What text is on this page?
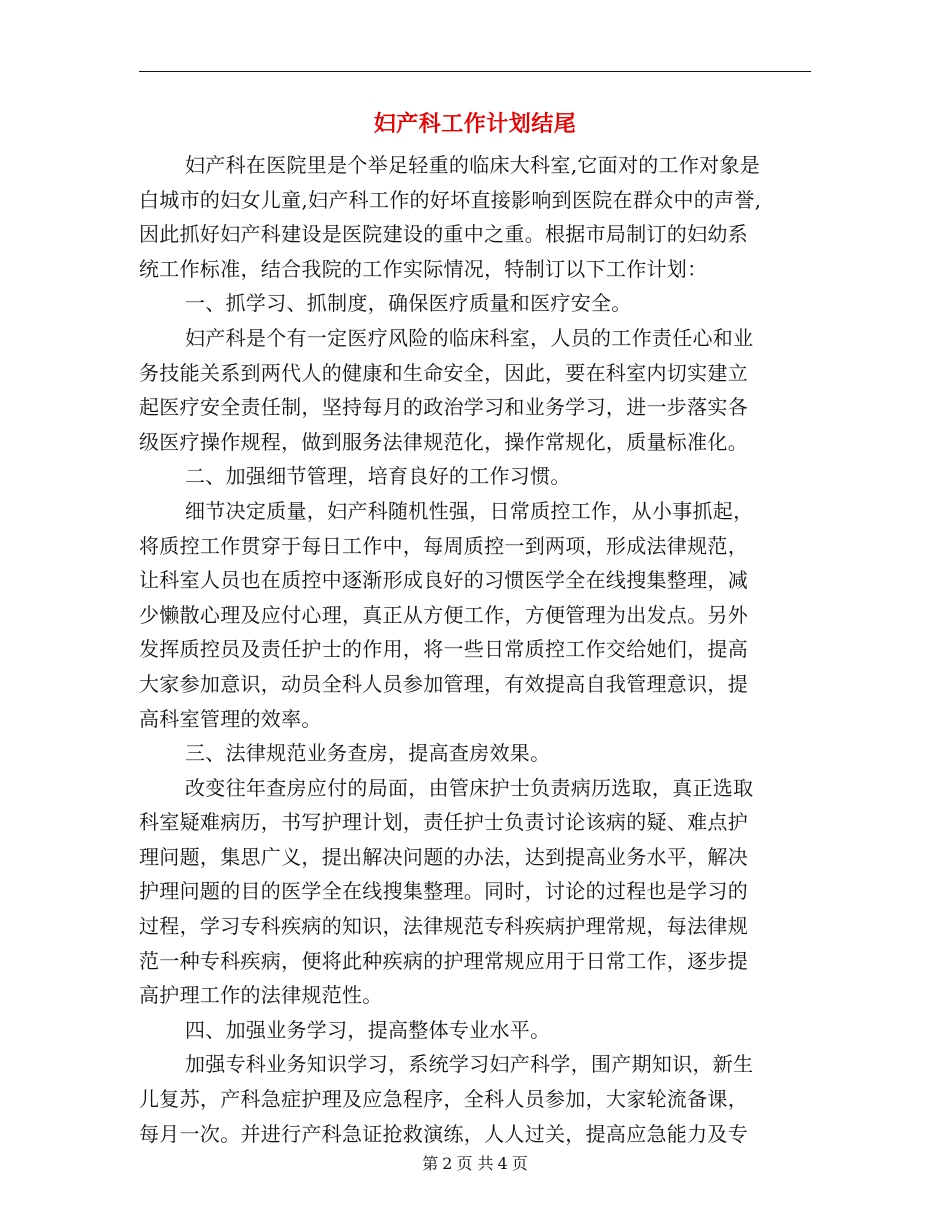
妇产科工作计划结尾
妇产科在医院里是个举足轻重的临床大科室,它面对的工作对象是
白城市的妇女儿童,妇产科工作的好坏直接影响到医院在群众中的声誉,
因此抓好妇产科建设是医院建设的重中之重。根据市局制订的妇幼系
统工作标准，结合我院的工作实际情况，特制订以下工作计划：
一、抓学习、抓制度，确保医疗质量和医疗安全。
妇产科是个有一定医疗风险的临床科室，人员的工作责任心和业
务技能关系到两代人的健康和生命安全，因此，要在科室内切实建立
起医疗安全责任制，坚持每月的政治学习和业务学习，进一步落实各
级医疗操作规程，做到服务法律规范化，操作常规化，质量标准化。
二、加强细节管理，培育良好的工作习惯。
细节决定质量，妇产科随机性强，日常质控工作，从小事抓起，
将质控工作贯穿于每日工作中，每周质控一到两项，形成法律规范，
让科室人员也在质控中逐渐形成良好的习惯医学全在线搜集整理，减
少懒散心理及应付心理，真正从方便工作，方便管理为出发点。另外
发挥质控员及责任护士的作用，将一些日常质控工作交给她们，提高
大家参加意识，动员全科人员参加管理，有效提高自我管理意识，提
高科室管理的效率。
三、法律规范业务查房，提高查房效果。
改变往年查房应付的局面，由管床护士负责病历选取，真正选取
科室疑难病历，书写护理计划，责任护士负责讨论该病的疑、难点护
理问题，集思广义，提出解决问题的办法，达到提高业务水平，解决
护理问题的目的医学全在线搜集整理。同时，讨论的过程也是学习的
过程，学习专科疾病的知识，法律规范专科疾病护理常规，每法律规
范一种专科疾病，便将此种疾病的护理常规应用于日常工作，逐步提
高护理工作的法律规范性。
四、加强业务学习，提高整体专业水平。
加强专科业务知识学习，系统学习妇产科学，围产期知识，新生
儿复苏，产科急症护理及应急程序，全科人员参加，大家轮流备课，
每月一次。并进行产科急证抢救演练，人人过关，提高应急能力及专
第 2 页 共 4 页
